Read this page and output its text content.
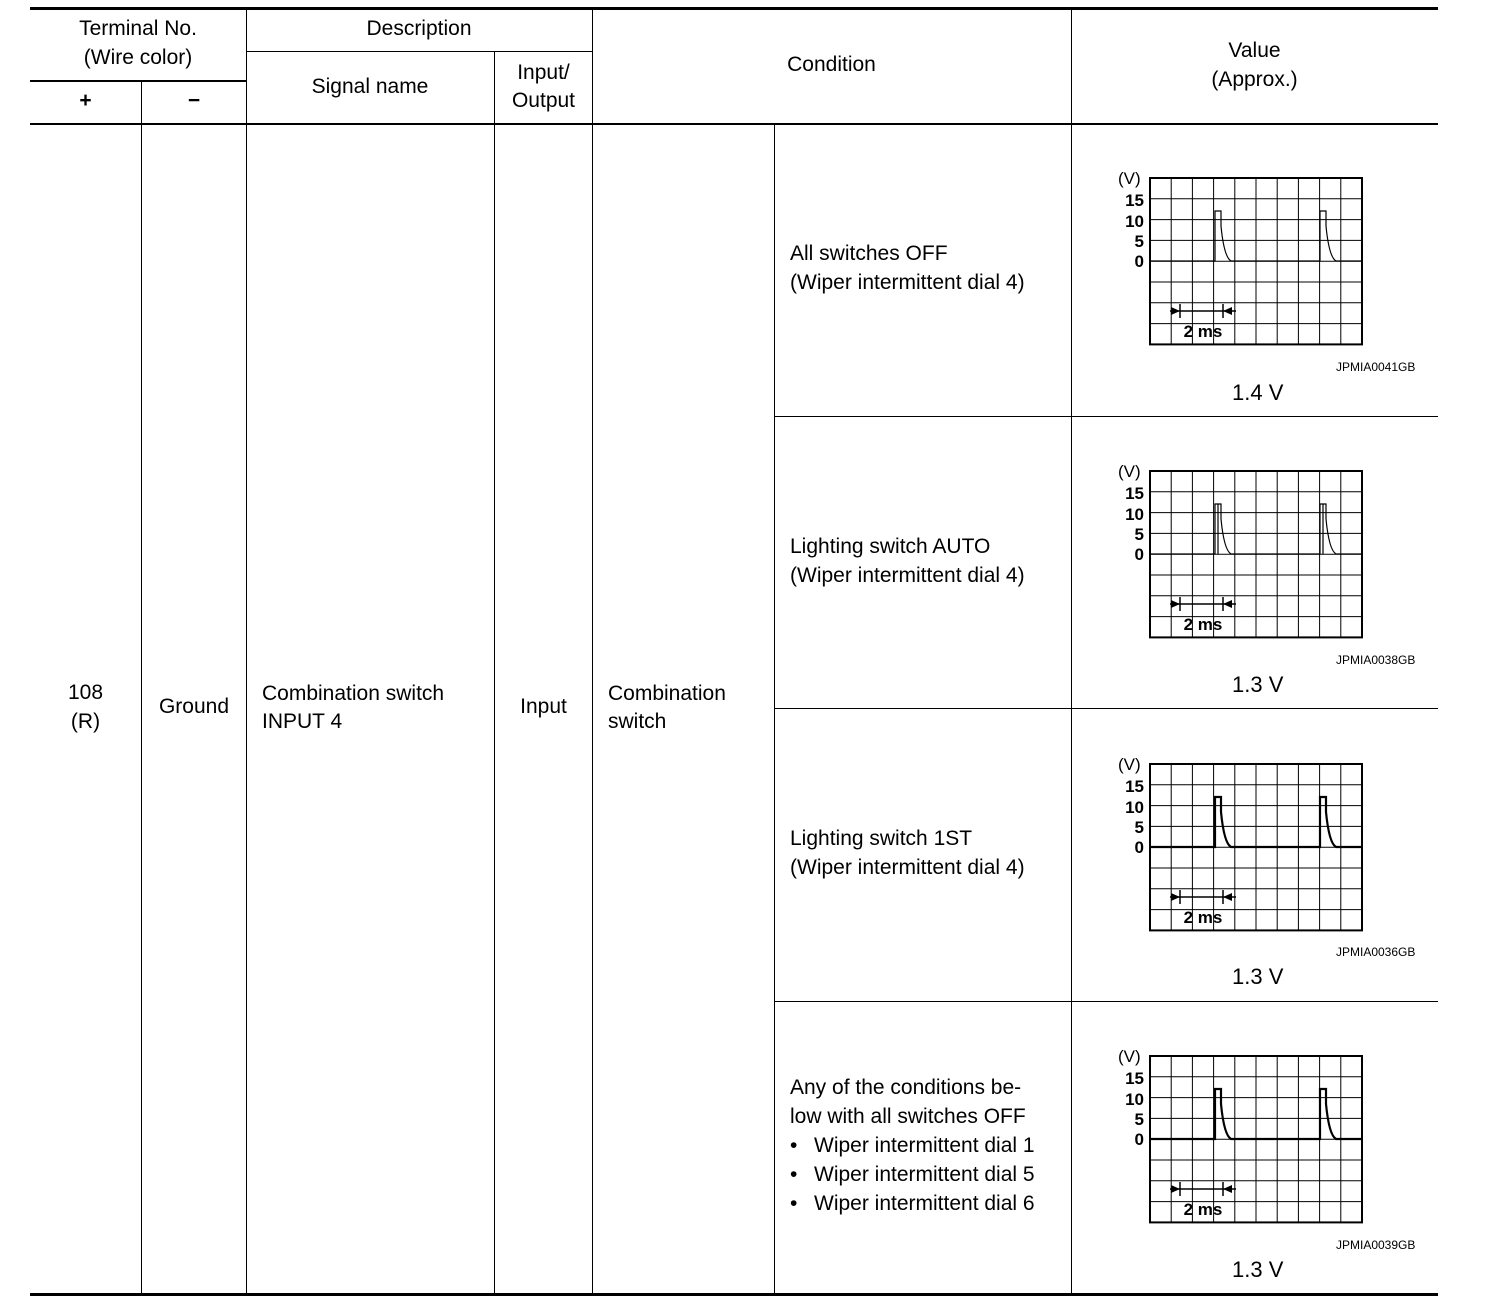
Terminal No.
(Wire color)
+	−
Description
Signal name
Input/
Output
Condition
Value
(Approx.)
108
(R)
Ground
Combination switch
INPUT 4
Input
Combination
switch
All switches OFF
(Wiper intermittent dial 4)
Lighting switch AUTO
(Wiper intermittent dial 4)
Lighting switch 1ST
(Wiper intermittent dial 4)
Any of the conditions be-
low with all switches OFF
• Wiper intermittent dial 1
• Wiper intermittent dial 5
• Wiper intermittent dial 6
(V)
15
10
5
0
2 ms
JPMIA0041GB
1.4 V
(V)
15
10
5
0
2 ms
JPMIA0038GB
1.3 V
(V)
15
10
5
0
2 ms
JPMIA0036GB
1.3 V
(V)
15
10
5
0
2 ms
JPMIA0039GB
1.3 V
